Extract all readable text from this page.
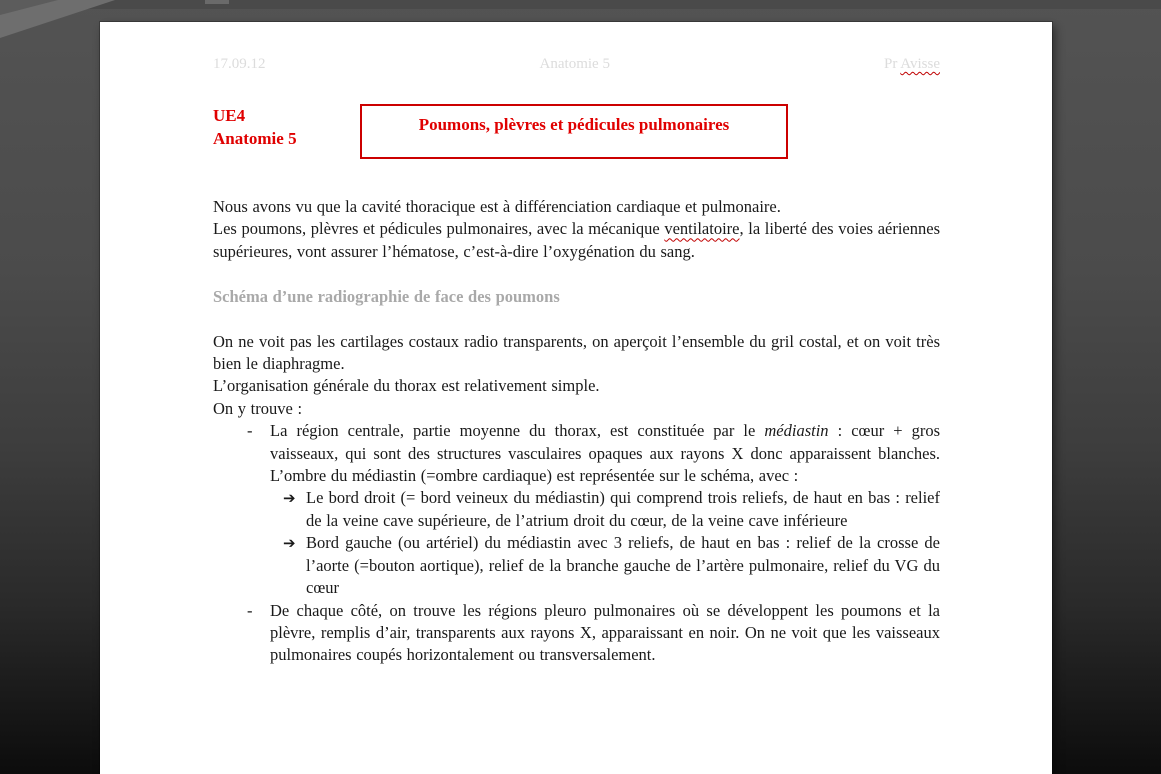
17.09.12	Anatomie 5	Pr Avisse
UE4
Anatomie 5
Poumons, plèvres et pédicules pulmonaires
Nous avons vu que la cavité thoracique est à différenciation cardiaque et pulmonaire.
Les poumons, plèvres et pédicules pulmonaires, avec la mécanique ventilatoire, la liberté des voies aériennes supérieures, vont assurer l’hématose, c’est-à-dire l’oxygénation du sang.
Schéma d’une radiographie de face des poumons
On ne voit pas les cartilages costaux radio transparents, on aperçoit l’ensemble du gril costal, et on voit très bien le diaphragme.
L’organisation générale du thorax est relativement simple.
On y trouve :
-	La région centrale, partie moyenne du thorax, est constituée par le médiastin : cœur + gros vaisseaux, qui sont des structures vasculaires opaques aux rayons X donc apparaissent blanches. L’ombre du médiastin (=ombre cardiaque) est représentée sur le schéma, avec :
➔ Le bord droit (= bord veineux du médiastin) qui comprend trois reliefs, de haut en bas : relief de la veine cave supérieure, de l’atrium droit du cœur, de la veine cave inférieure
➔ Bord gauche (ou artériel) du médiastin avec 3 reliefs, de haut en bas : relief de la crosse de l’aorte (=bouton aortique), relief de la branche gauche de l’artère pulmonaire, relief du VG du cœur
-	De chaque côté, on trouve les régions pleuro pulmonaires où se développent les poumons et la plèvre, remplis d’air, transparents aux rayons X, apparaissant en noir. On ne voit que les vaisseaux pulmonaires coupés horizontalement ou transversalement.
